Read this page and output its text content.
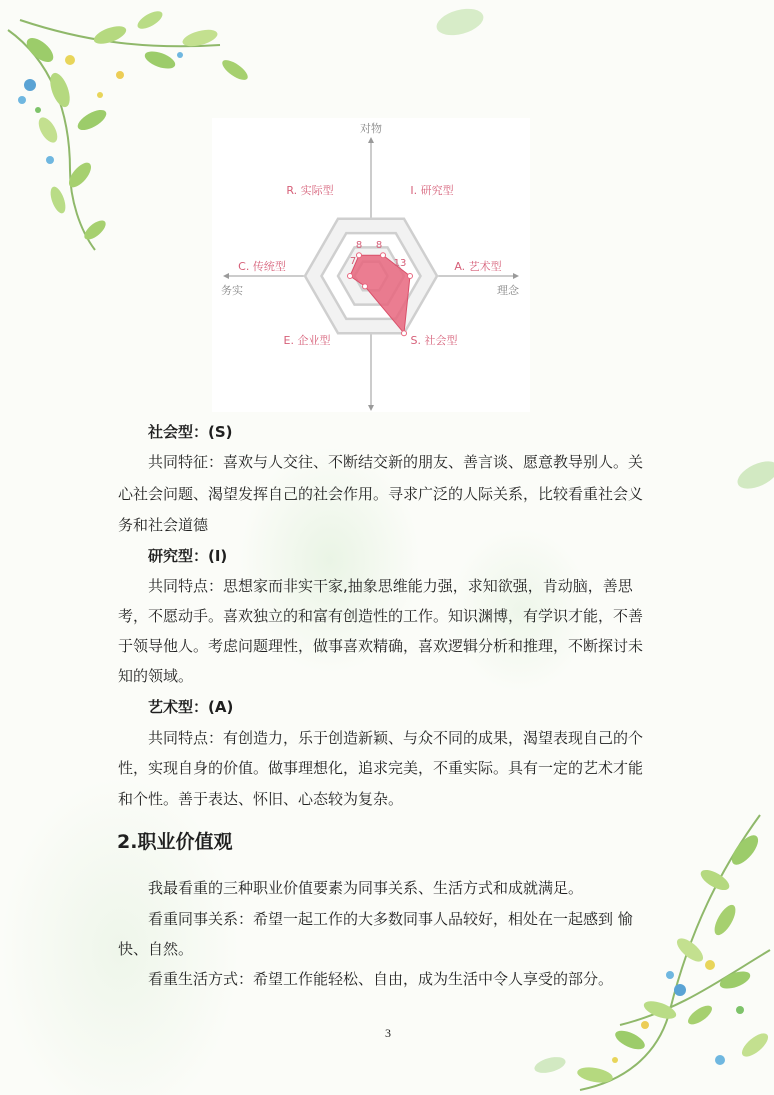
对物
务实	理念
R. 实际型	I. 研究型
A. 艺术型
S. 社会型
E. 企业型
C. 传统型
8 8
13
7
社会型：(S)
共同特征：喜欢与人交往、不断结交新的朋友、善言谈、愿意教导别人。关
心社会问题、渴望发挥自己的社会作用。寻求广泛的人际关系，比较看重社会义
务和社会道德
研究型：(I)
共同特点：思想家而非实干家,抽象思维能力强，求知欲强，肯动脑，善思
考，不愿动手。喜欢独立的和富有创造性的工作。知识渊博，有学识才能，不善
于领导他人。考虑问题理性，做事喜欢精确，喜欢逻辑分析和推理，不断探讨未
知的领域。
艺术型：(A)
共同特点：有创造力，乐于创造新颖、与众不同的成果，渴望表现自己的个
性，实现自身的价值。做事理想化，追求完美，不重实际。具有一定的艺术才能
和个性。善于表达、怀旧、心态较为复杂。
2.职业价值观
我最看重的三种职业价值要素为同事关系、生活方式和成就满足。
看重同事关系：希望一起工作的大多数同事人品较好，相处在一起感到 愉
快、自然。
看重生活方式：希望工作能轻松、自由，成为生活中令人享受的部分。
3
